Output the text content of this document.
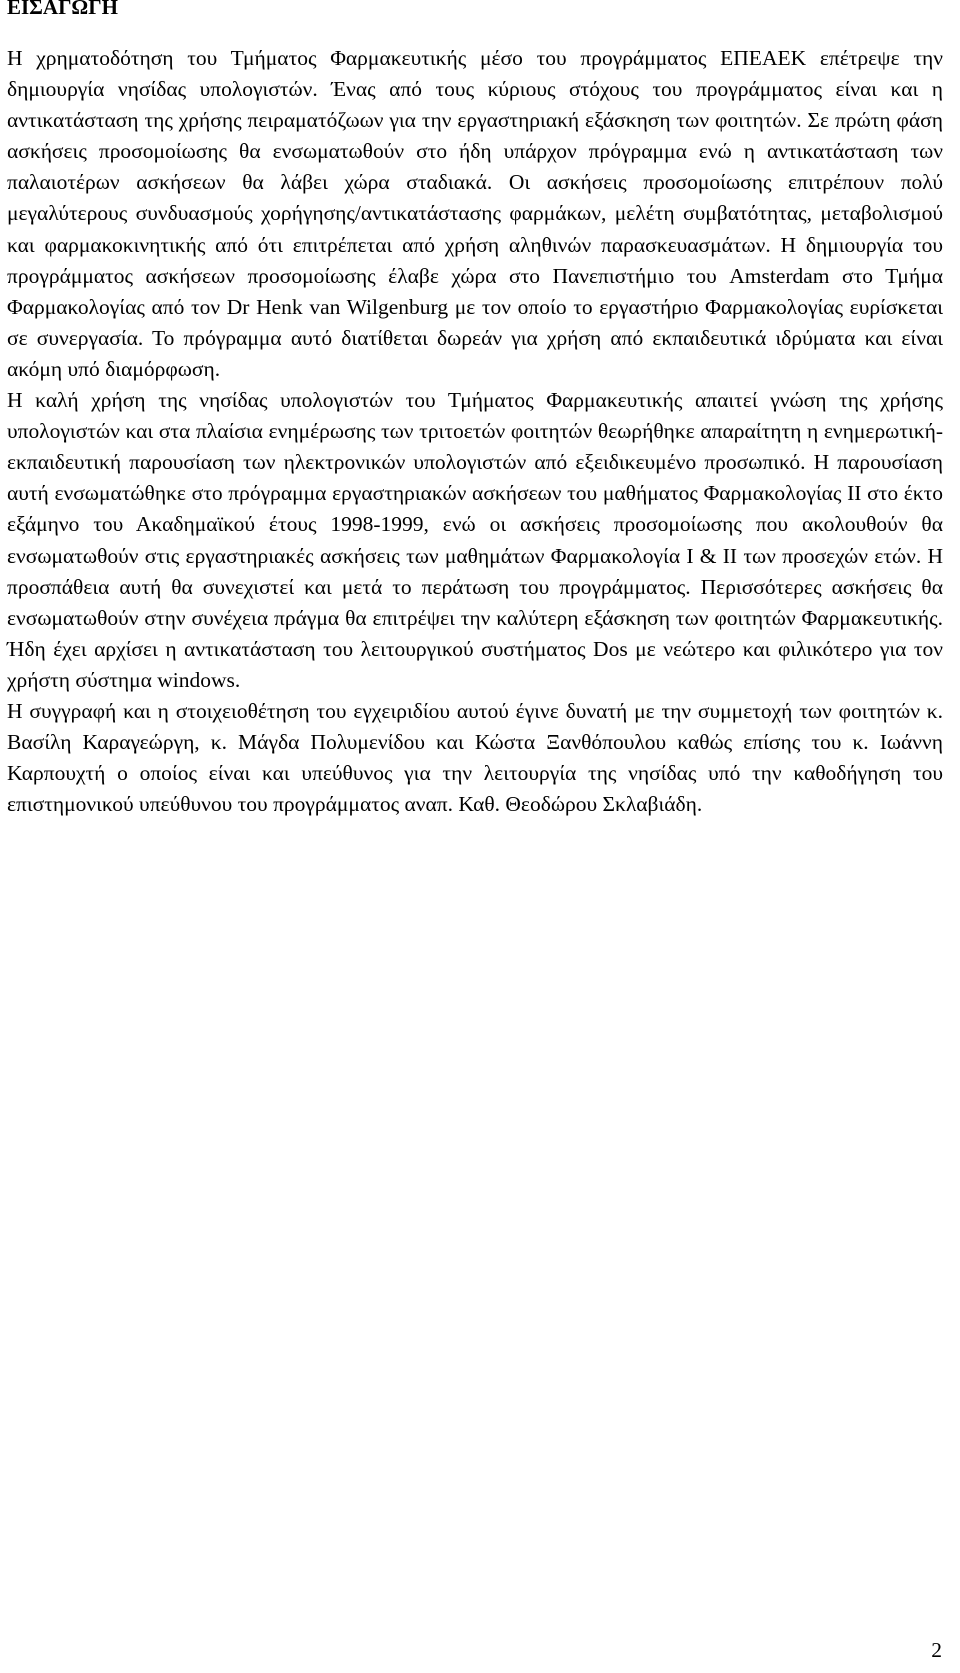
ΕΙΣΑΓΩΓΗ

Η χρηματοδότηση του Τμήματος Φαρμακευτικής μέσο του προγράμματος ΕΠΕΑΕΚ επέτρεψε την δημιουργία νησίδας υπολογιστών. Ένας από τους κύριους στόχους του προγράμματος είναι και η αντικατάσταση της χρήσης πειραματόζωων για την εργαστηριακή εξάσκηση των φοιτητών. Σε πρώτη φάση ασκήσεις προσομοίωσης θα ενσωματωθούν στο ήδη υπάρχον πρόγραμμα ενώ η αντικατάσταση των παλαιοτέρων ασκήσεων θα λάβει χώρα σταδιακά. Οι ασκήσεις προσομοίωσης επιτρέπουν πολύ μεγαλύτερους συνδυασμούς χορήγησης/αντικατάστασης φαρμάκων, μελέτη συμβατότητας, μεταβολισμού και φαρμακοκινητικής από ότι επιτρέπεται από χρήση αληθινών παρασκευασμάτων. Η δημιουργία του προγράμματος ασκήσεων προσομοίωσης έλαβε χώρα στο Πανεπιστήμιο του Amsterdam στο Τμήμα Φαρμακολογίας από τον Dr Henk van Wilgenburg με τον οποίο το εργαστήριο Φαρμακολογίας ευρίσκεται σε συνεργασία. Το πρόγραμμα αυτό διατίθεται δωρεάν για χρήση από εκπαιδευτικά ιδρύματα και είναι ακόμη υπό διαμόρφωση.

Η καλή χρήση της νησίδας υπολογιστών του Τμήματος Φαρμακευτικής απαιτεί γνώση της χρήσης υπολογιστών και στα πλαίσια ενημέρωσης των τριτοετών φοιτητών θεωρήθηκε απαραίτητη η ενημερωτική-εκπαιδευτική παρουσίαση των ηλεκτρονικών υπολογιστών από εξειδικευμένο προσωπικό. Η παρουσίαση αυτή ενσωματώθηκε στο πρόγραμμα εργαστηριακών ασκήσεων του μαθήματος Φαρμακολογίας ΙΙ στο έκτο εξάμηνο του Ακαδημαϊκού έτους 1998-1999, ενώ οι ασκήσεις προσομοίωσης που ακολουθούν θα ενσωματωθούν στις εργαστηριακές ασκήσεις των μαθημάτων Φαρμακολογία Ι & ΙΙ των προσεχών ετών. Η προσπάθεια αυτή θα συνεχιστεί και μετά το περάτωση του προγράμματος. Περισσότερες ασκήσεις θα ενσωματωθούν στην συνέχεια πράγμα θα επιτρέψει την καλύτερη εξάσκηση των φοιτητών Φαρμακευτικής. Ήδη έχει αρχίσει η αντικατάσταση του λειτουργικού συστήματος Dos με νεώτερο και φιλικότερο για τον χρήστη σύστημα windows.

Η συγγραφή και η στοιχειοθέτηση του εγχειριδίου αυτού έγινε δυνατή με την συμμετοχή των φοιτητών κ. Βασίλη Καραγεώργη, κ. Μάγδα Πολυμενίδου και Κώστα Ξανθόπουλου καθώς επίσης του κ. Ιωάννη Καρπουχτή ο οποίος είναι και υπεύθυνος για την λειτουργία της νησίδας υπό την καθοδήγηση του επιστημονικού υπεύθυνου του προγράμματος αναπ. Καθ. Θεοδώρου Σκλαβιάδη.

2
